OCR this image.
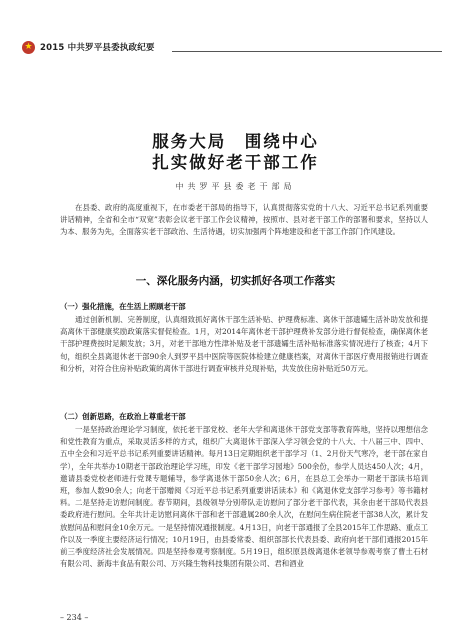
★ 2015 中共罗平县委执政纪要
服务大局　围绕中心
扎实做好老干部工作
中共罗平县委老干部局
在县委、政府的高度重视下，在市委老干部局的指导下，认真贯彻落实党的十八大、习近平总书记系列重要讲话精神，全省和全市“双宽”表彰会议老干部工作会议精神，按照市、县对老干部工作的部署和要求，坚持以人为本、服务为先，全面落实老干部政治、生活待遇，切实加强两个阵地建设和老干部工作部门作风建设。
一、深化服务内涵，切实抓好各项工作落实
（一）强化措施，在生活上照顾老干部
通过创新机制、完善制度，认真细致抓好离休干部生活补贴、护理费标准、离休干部遗孀生活补助发放和提高离休干部健康奖励政策落实督促检查。1月，对2014年离休老干部护理费补发部分进行督促检查，确保离休老干部护理费按时足额发放；3月，对老干部地方性津补贴及老干部遗孀生活补贴标准落实情况进行了核查；4月下旬，组织全县离退休老干部90余人到罗平县中医院等医院体检建立健康档案，对离休干部医疗费用报销进行调查和分析，对符合住房补贴政策的离休干部进行调查审核并兑现补贴，共发放住房补贴近50万元。
（二）创新思路，在政治上尊重老干部
一是坚持政治理论学习制度，依托老干部党校、老年大学和离退休干部党支部等教育阵地，坚持以理想信念和党性教育为重点，采取灵活多样的方式，组织广大离退休干部深入学习领会党的十八大、十八届三中、四中、五中全会和习近平总书记系列重要讲话精神。每月13日定期组织老干部学习（1、2月份天气寒冷，老干部在家自学），全年共举办10期老干部政治理论学习班，印发《老干部学习园地》500余份，参学人员达450人次；4月，邀请县委党校老师进行党课专题辅导，参学离退休干部50余人次；6月，在县总工会举办一期老干部读书培训班，参加人数90余人；向老干部赠阅《习近平总书记系列重要讲话读本》和《离退休党支部学习参考》等书籍材料。二是坚持走访慰问制度。春节期间，县级领导分别带队走访慰问了部分老干部代表，其余由老干部局代表县委政府进行慰问。全年共计走访慰问离休干部和老干部遗属280余人次，在慰问生病住院老干部38人次，累计发放慰问品和慰问金10余万元。一是坚持情况通报制度。4月13日，向老干部通报了全县2015年工作思路、重点工作以及一季度主要经济运行情况；10月19日，由县委常委、组织部部长代表县委、政府向老干部们通报2015年前三季度经济社会发展情况。四是坚持参观考察制度。5月19日，组织原县级离退休老领导参观考察了曹土石材有限公司、新海丰食品有限公司、万兴隆生物科技集团有限公司、君和酒业
– 234 –
